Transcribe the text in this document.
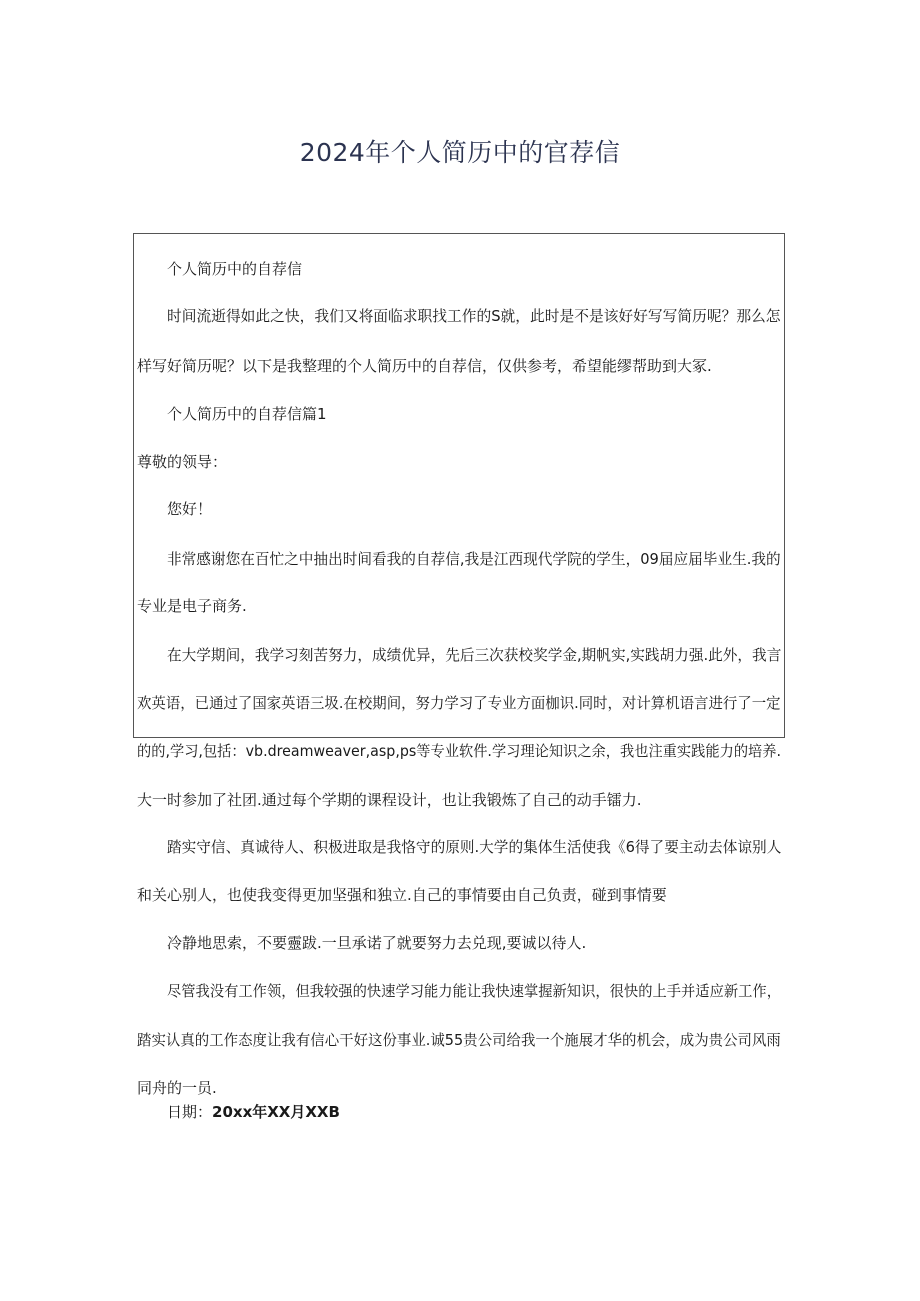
2024年个人简历中的官荐信
个人简历中的自荐信
时间流逝得如此之快，我们又将面临求职找工作的S就，此时是不是该好好写写简历呢？那么怎
样写好简历呢？以下是我整理的个人简历中的自荐信，仅供参考，希望能缪帮助到大冢.
个人简历中的自荐信篇1
尊敬的领导：
您好！
非常感谢您在百忙之中抽出时间看我的自荐信,我是江西现代学院的学生，09届应届毕业生.我的
专业是电子商务.
在大学期间，我学习刻苦努力，成绩优异，先后三次获校奖学金,期帆实,实践胡力强.此外，我言
欢英语，已通过了国家英语三圾.在校期间，努力学习了专业方面枷识.同时，对计算机语言进行了一定
的的,学习,包括：vb.dreamweaver,asp,ps等专业软件.学习理论知识之余，我也注重实践能力的培养.
大一时参加了社团.通过每个学期的课程设计，也让我锻炼了自己的动手镭力.
踏实守信、真诚待人、积极进取是我恪守的原则.大学的集体生活使我《6得了要主动去体谅别人
和关心别人，也使我变得更加坚强和独立.自己的事情要由自己负责，碰到事情要
冷静地思索，不要靈跋.一旦承诺了就要努力去兑现,要诚以待人.
尽管我没有工作领，但我较强的快速学习能力能让我快速掌握新知识，很快的上手并适应新工作，
踏实认真的工作态度让我有信心干好这份事业.诚55贵公司给我一个施展才华的机会，成为贵公司风雨
同舟的一员.
日期：20xx年XX月XXB
